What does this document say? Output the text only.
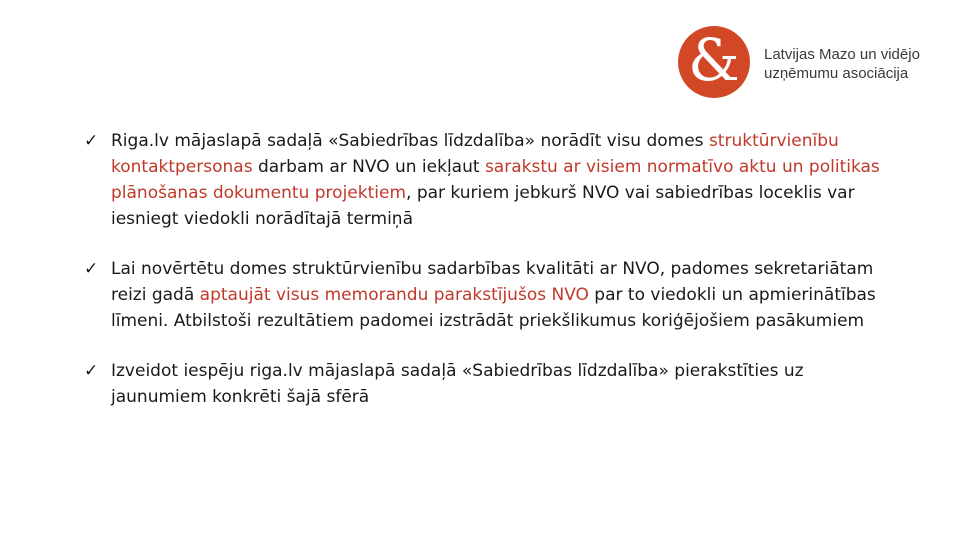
& Latvijas Mazo un vidējo
uzņēmumu asociācija
✓ Riga.lv mājaslapā sadaļā «Sabiedrības līdzdalība» norādīt visu domes struktūrvienību kontaktpersonas darbam ar NVO un iekļaut sarakstu ar visiem normatīvo aktu un politikas plānošanas dokumentu projektiem, par kuriem jebkurš NVO vai sabiedrības loceklis var iesniegt viedokli norādītajā termiņā
✓ Lai novērtētu domes struktūrvienību sadarbības kvalitāti ar NVO, padomes sekretariātam reizi gadā aptaujāt visus memorandu parakstījušos NVO par to viedokli un apmierinātības līmeni. Atbilstoši rezultātiem padomei izstrādāt priekšlikumus koriģējošiem pasākumiem
✓ Izveidot iespēju riga.lv mājaslapā sadaļā «Sabiedrības līdzdalība» pierakstīties uz jaunumiem konkrēti šajā sfērā
